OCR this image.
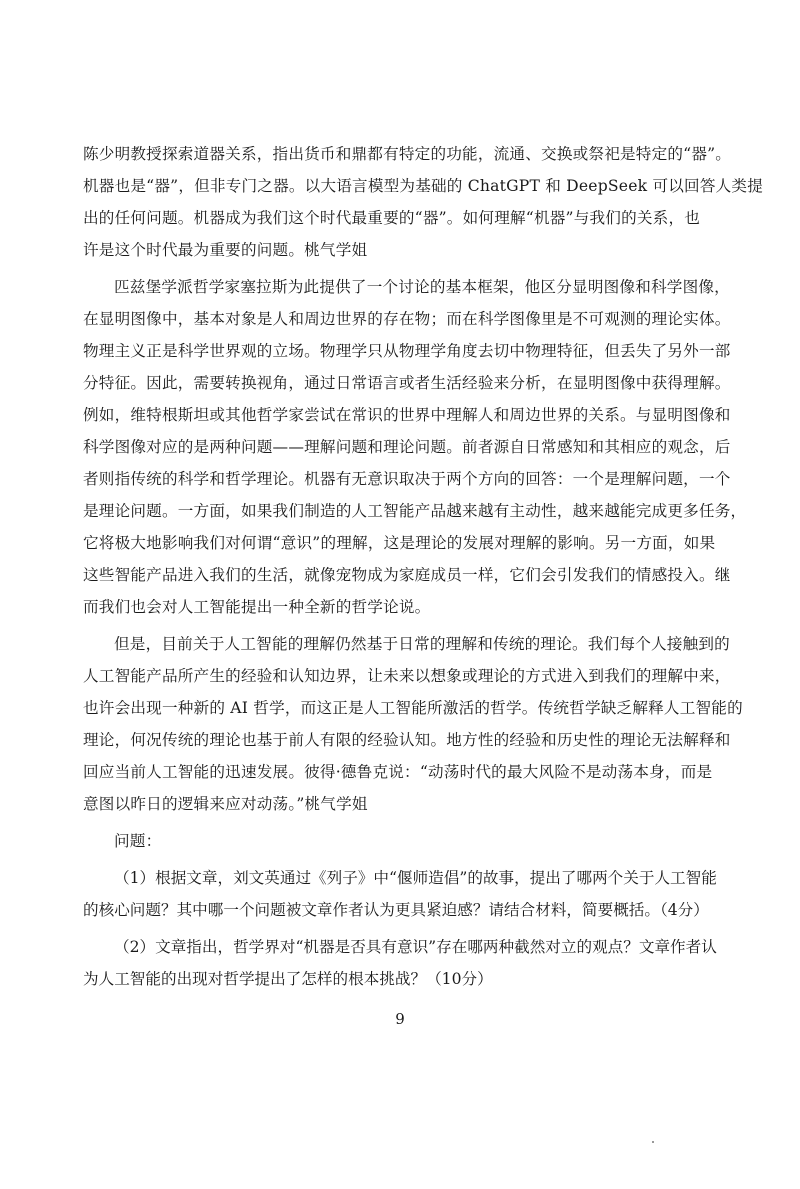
陈少明教授探索道器关系，指出货币和鼎都有特定的功能，流通、交换或祭祀是特定的“器”。
机器也是“器”，但非专门之器。以大语言模型为基础的 ChatGPT 和 DeepSeek 可以回答人类提
出的任何问题。机器成为我们这个时代最重要的“器”。如何理解“机器”与我们的关系，也
许是这个时代最为重要的问题。桃气学姐
匹兹堡学派哲学家塞拉斯为此提供了一个讨论的基本框架，他区分显明图像和科学图像，
在显明图像中，基本对象是人和周边世界的存在物；而在科学图像里是不可观测的理论实体。
物理主义正是科学世界观的立场。物理学只从物理学角度去切中物理特征，但丢失了另外一部
分特征。因此，需要转换视角，通过日常语言或者生活经验来分析，在显明图像中获得理解。
例如，维特根斯坦或其他哲学家尝试在常识的世界中理解人和周边世界的关系。与显明图像和
科学图像对应的是两种问题——理解问题和理论问题。前者源自日常感知和其相应的观念，后
者则指传统的科学和哲学理论。机器有无意识取决于两个方向的回答：一个是理解问题，一个
是理论问题。一方面，如果我们制造的人工智能产品越来越有主动性，越来越能完成更多任务，
它将极大地影响我们对何谓“意识”的理解，这是理论的发展对理解的影响。另一方面，如果
这些智能产品进入我们的生活，就像宠物成为家庭成员一样，它们会引发我们的情感投入。继
而我们也会对人工智能提出一种全新的哲学论说。
但是，目前关于人工智能的理解仍然基于日常的理解和传统的理论。我们每个人接触到的
人工智能产品所产生的经验和认知边界，让未来以想象或理论的方式进入到我们的理解中来，
也许会出现一种新的 AI 哲学，而这正是人工智能所激活的哲学。传统哲学缺乏解释人工智能的
理论，何况传统的理论也基于前人有限的经验认知。地方性的经验和历史性的理论无法解释和
回应当前人工智能的迅速发展。彼得·德鲁克说：“动荡时代的最大风险不是动荡本身，而是
意图以昨日的逻辑来应对动荡。”桃气学姐
问题：
（1）根据文章，刘文英通过《列子》中“偃师造倡”的故事，提出了哪两个关于人工智能
的核心问题？其中哪一个问题被文章作者认为更具紧迫感？请结合材料，简要概括。（4分）
（2）文章指出，哲学界对“机器是否具有意识”存在哪两种截然对立的观点？文章作者认
为人工智能的出现对哲学提出了怎样的根本挑战？（10分）
9
